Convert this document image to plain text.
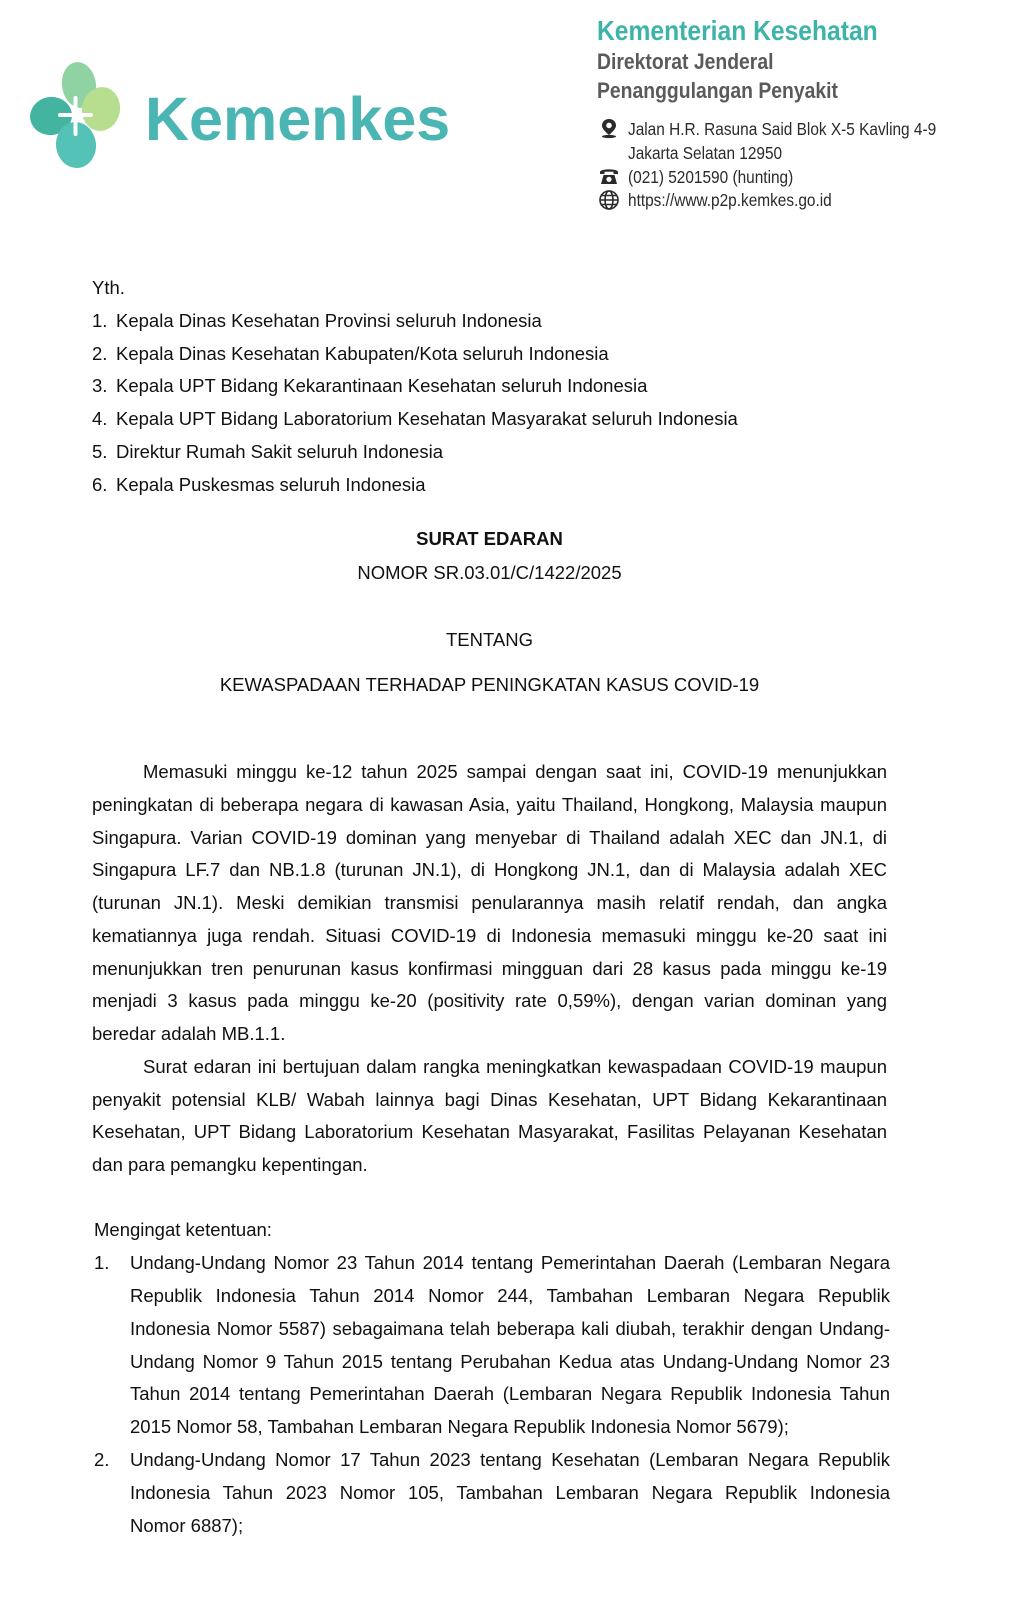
Kemenkes
Kementerian Kesehatan
Direktorat Jenderal
Penanggulangan Penyakit
Jalan H.R. Rasuna Said Blok X-5 Kavling 4-9
Jakarta Selatan 12950
(021) 5201590 (hunting)
https://www.p2p.kemkes.go.id
Yth.
1. Kepala Dinas Kesehatan Provinsi seluruh Indonesia
2. Kepala Dinas Kesehatan Kabupaten/Kota seluruh Indonesia
3. Kepala UPT Bidang Kekarantinaan Kesehatan seluruh Indonesia
4. Kepala UPT Bidang Laboratorium Kesehatan Masyarakat seluruh Indonesia
5. Direktur Rumah Sakit seluruh Indonesia
6. Kepala Puskesmas seluruh Indonesia
SURAT EDARAN
NOMOR SR.03.01/C/1422/2025
TENTANG
KEWASPADAAN TERHADAP PENINGKATAN KASUS COVID-19
Memasuki minggu ke-12 tahun 2025 sampai dengan saat ini, COVID-19 menunjukkan
peningkatan di beberapa negara di kawasan Asia, yaitu Thailand, Hongkong, Malaysia maupun
Singapura. Varian COVID-19 dominan yang menyebar di Thailand adalah XEC dan JN.1, di
Singapura LF.7 dan NB.1.8 (turunan JN.1), di Hongkong JN.1, dan di Malaysia adalah XEC
(turunan JN.1). Meski demikian transmisi penularannya masih relatif rendah, dan angka
kematiannya juga rendah. Situasi COVID-19 di Indonesia memasuki minggu ke-20 saat ini
menunjukkan tren penurunan kasus konfirmasi mingguan dari 28 kasus pada minggu ke-19
menjadi 3 kasus pada minggu ke-20 (positivity rate 0,59%), dengan varian dominan yang
beredar adalah MB.1.1.
Surat edaran ini bertujuan dalam rangka meningkatkan kewaspadaan COVID-19 maupun
penyakit potensial KLB/ Wabah lainnya bagi Dinas Kesehatan, UPT Bidang Kekarantinaan
Kesehatan, UPT Bidang Laboratorium Kesehatan Masyarakat, Fasilitas Pelayanan Kesehatan
dan para pemangku kepentingan.
Mengingat ketentuan:
1. Undang-Undang Nomor 23 Tahun 2014 tentang Pemerintahan Daerah (Lembaran Negara
Republik Indonesia Tahun 2014 Nomor 244, Tambahan Lembaran Negara Republik
Indonesia Nomor 5587) sebagaimana telah beberapa kali diubah, terakhir dengan Undang-
Undang Nomor 9 Tahun 2015 tentang Perubahan Kedua atas Undang-Undang Nomor 23
Tahun 2014 tentang Pemerintahan Daerah (Lembaran Negara Republik Indonesia Tahun
2015 Nomor 58, Tambahan Lembaran Negara Republik Indonesia Nomor 5679);
2. Undang-Undang Nomor 17 Tahun 2023 tentang Kesehatan (Lembaran Negara Republik
Indonesia Tahun 2023 Nomor 105, Tambahan Lembaran Negara Republik Indonesia
Nomor 6887);
